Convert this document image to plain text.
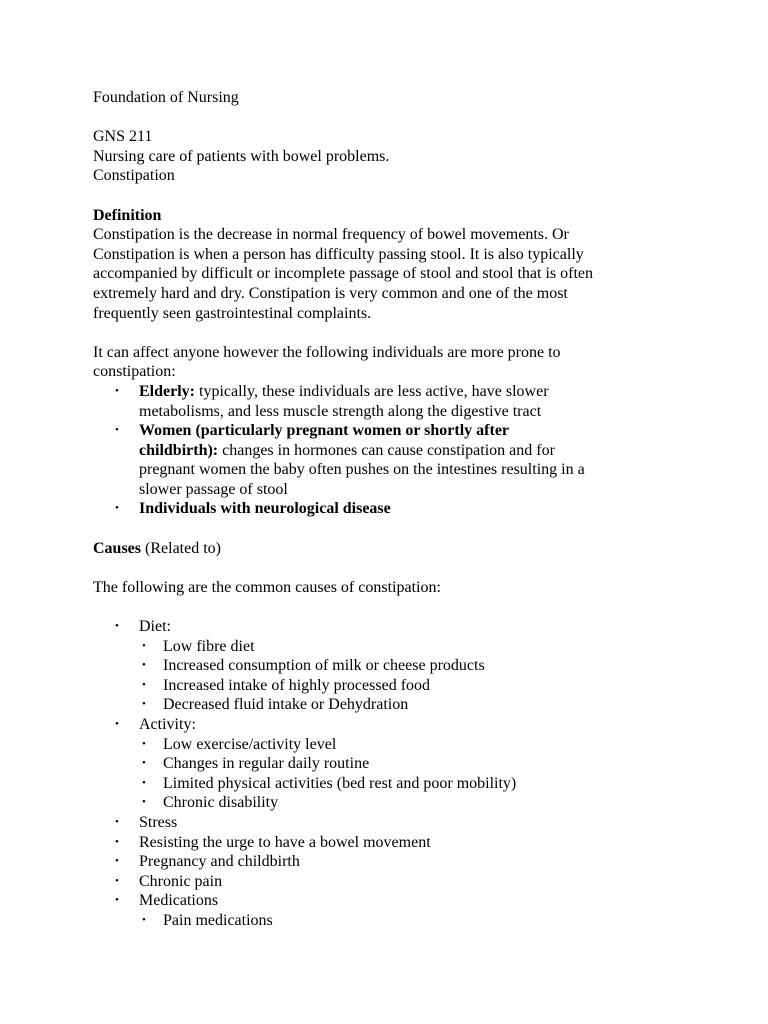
Foundation of Nursing

GNS 211

Nursing care of patients with bowel problems.

Constipation

Definition

Constipation is the decrease in normal frequency of bowel movements. Or

Constipation is when a person has difficulty passing stool. It is also typically

accompanied by difficult or incomplete passage of stool and stool that is often

extremely hard and dry. Constipation is very common and one of the most

frequently seen gastrointestinal complaints.

It can affect anyone however the following individuals are more prone to

constipation:

• Elderly: typically, these individuals are less active, have slower
metabolisms, and less muscle strength along the digestive tract
• Women (particularly pregnant women or shortly after
childbirth): changes in hormones can cause constipation and for
pregnant women the baby often pushes on the intestines resulting in a
slower passage of stool
• Individuals with neurological disease

Causes (Related to)

The following are the common causes of constipation:

• Diet:
• Low fibre diet
• Increased consumption of milk or cheese products
• Increased intake of highly processed food
• Decreased fluid intake or Dehydration
• Activity:
• Low exercise/activity level
• Changes in regular daily routine
• Limited physical activities (bed rest and poor mobility)
• Chronic disability
• Stress
• Resisting the urge to have a bowel movement
• Pregnancy and childbirth
• Chronic pain
• Medications
• Pain medications
